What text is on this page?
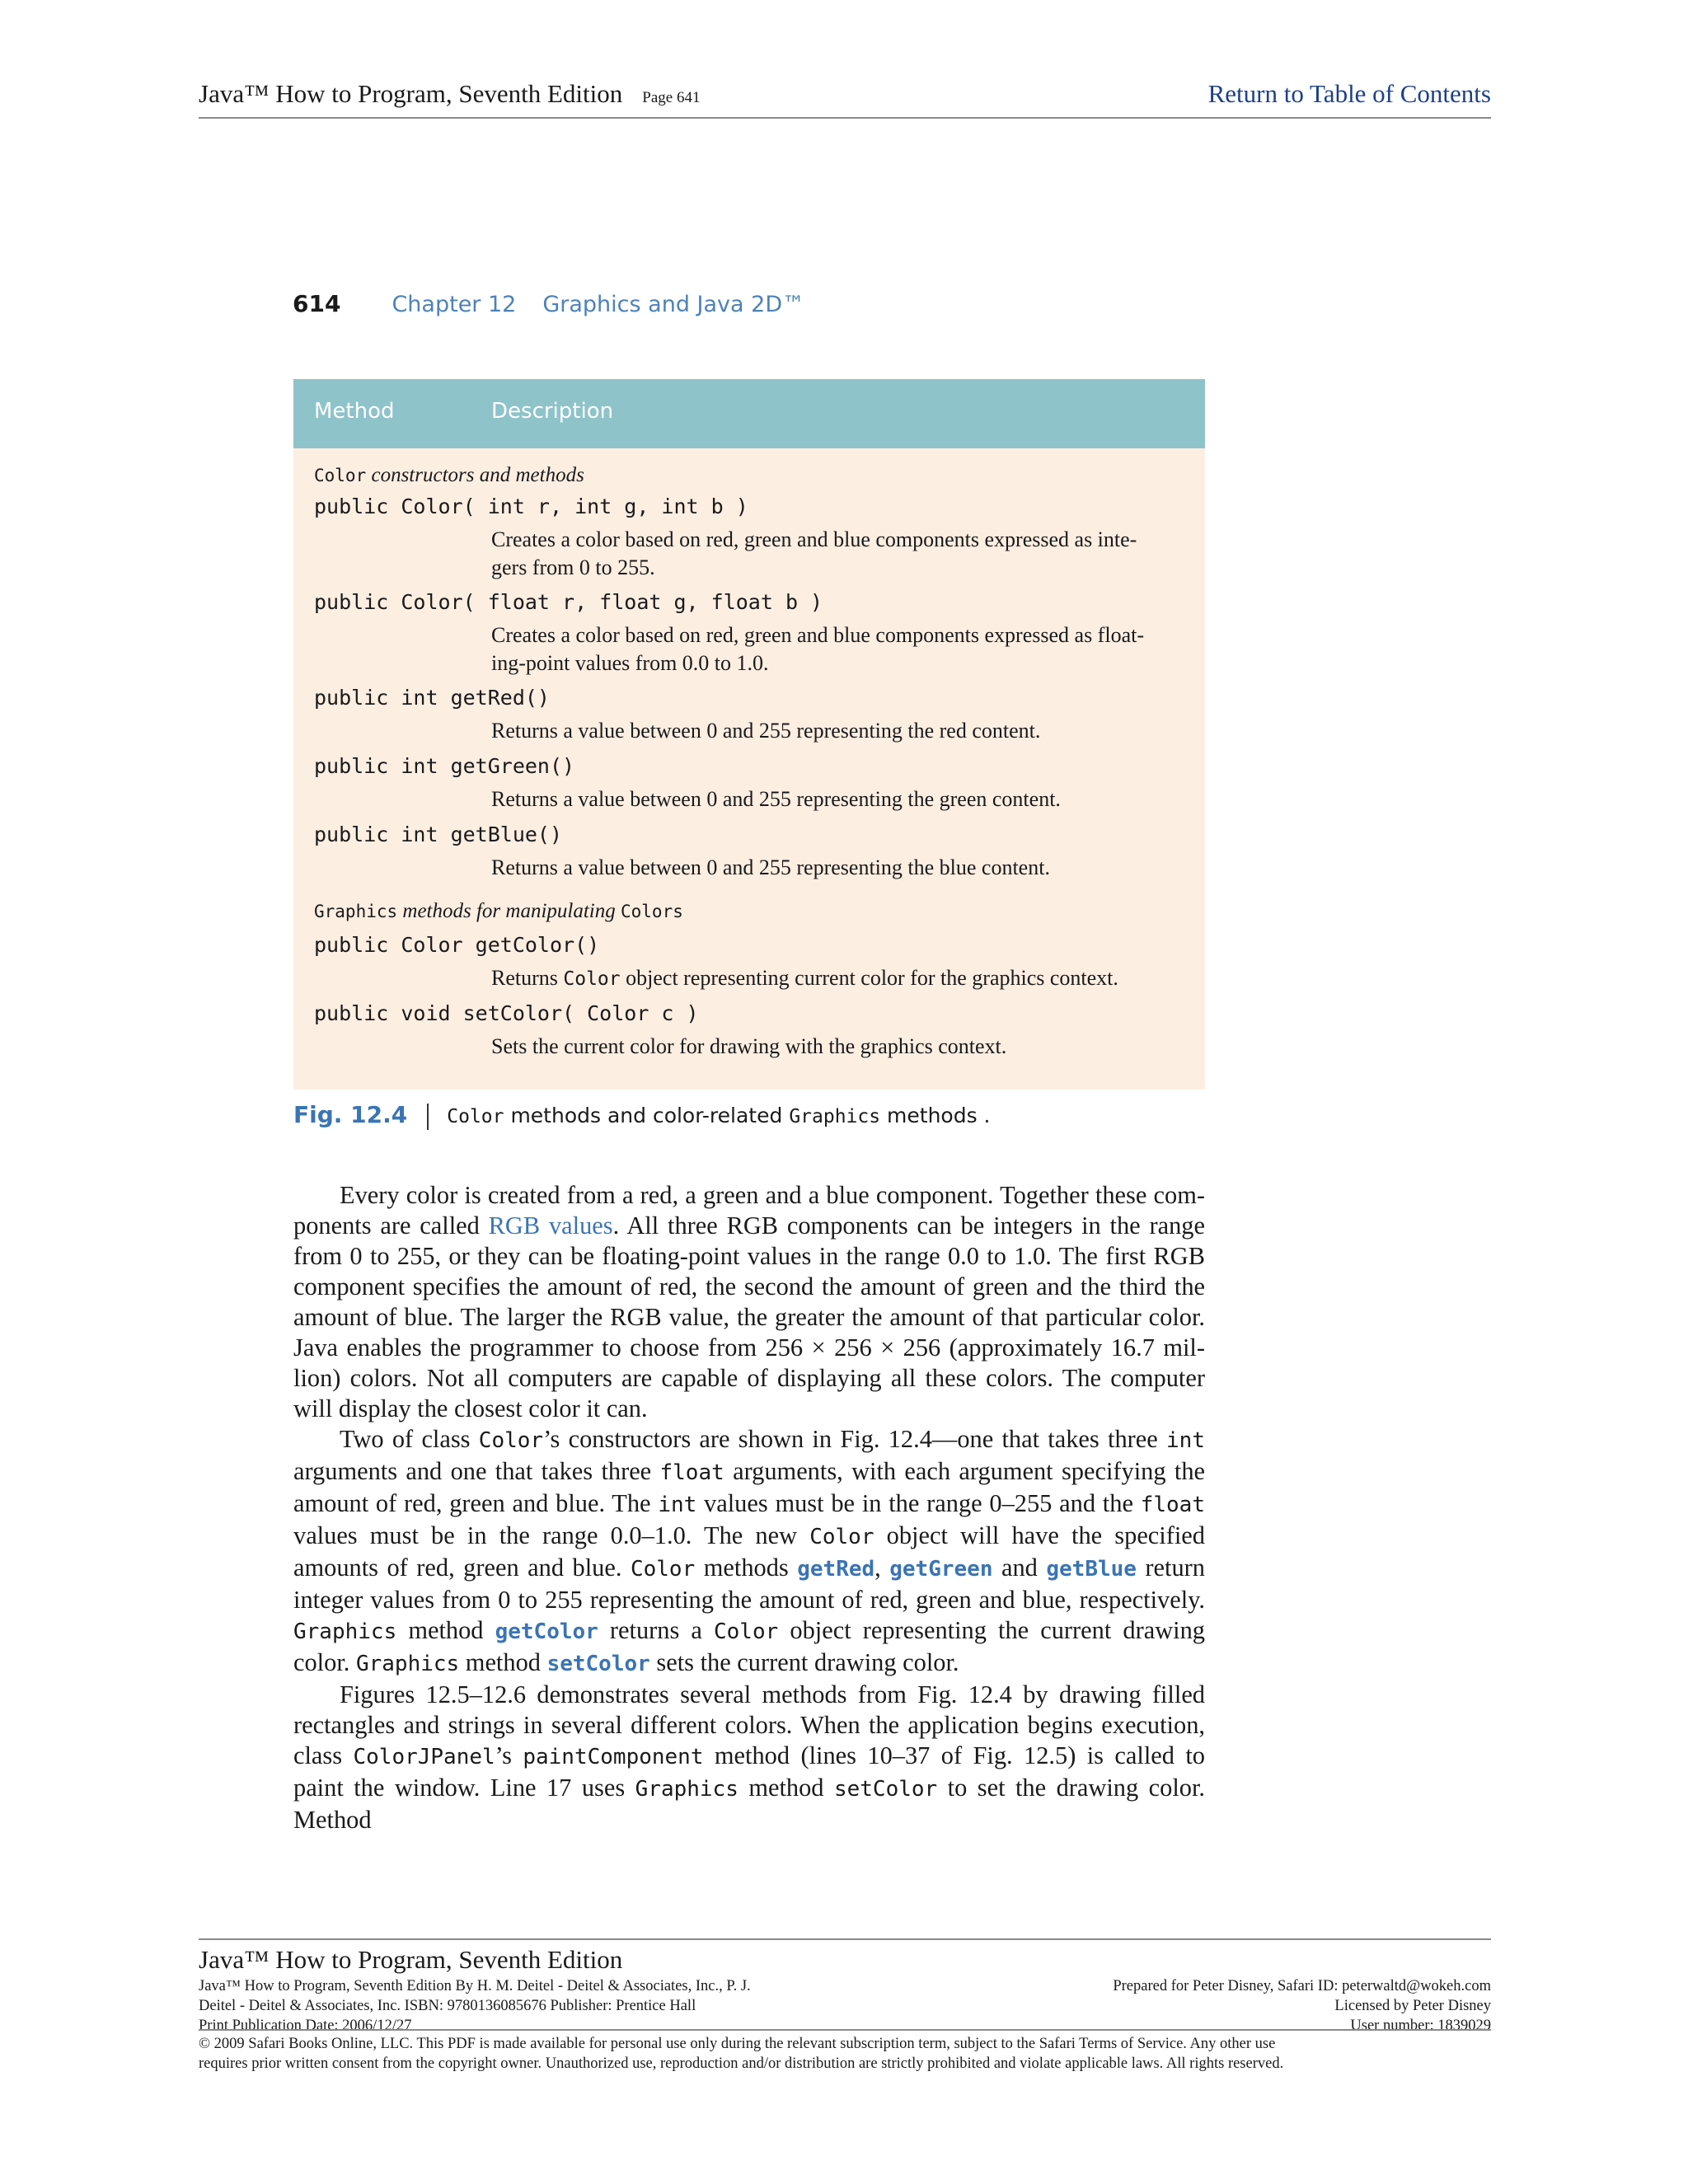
Java™ How to Program, Seventh Edition Page 641	Return to Table of Contents
614 Chapter 12 Graphics and Java 2D™
Method	Description
Color constructors and methods
public Color( int r, int g, int b )
Creates a color based on red, green and blue components expressed as inte-
gers from 0 to 255.
public Color( float r, float g, float b )
Creates a color based on red, green and blue components expressed as float-
ing-point values from 0.0 to 1.0.
public int getRed()
Returns a value between 0 and 255 representing the red content.
public int getGreen()
Returns a value between 0 and 255 representing the green content.
public int getBlue()
Returns a value between 0 and 255 representing the blue content.
Graphics methods for manipulating Colors
public Color getColor()
Returns Color object representing current color for the graphics context.
public void setColor( Color c )
Sets the current color for drawing with the graphics context.
Fig. 12.4 Color methods and color-related Graphics methods .

Every color is created from a red, a green and a blue component. Together these com-ponents are called RGB values. All three RGB components can be integers in the range from 0 to 255, or they can be floating-point values in the range 0.0 to 1.0. The first RGB component specifies the amount of red, the second the amount of green and the third the amount of blue. The larger the RGB value, the greater the amount of that particular color. Java enables the programmer to choose from 256 × 256 × 256 (approximately 16.7 mil-lion) colors. Not all computers are capable of displaying all these colors. The computer will display the closest color it can.

Two of class Color’s constructors are shown in Fig. 12.4—one that takes three int arguments and one that takes three float arguments, with each argument specifying the amount of red, green and blue. The int values must be in the range 0–255 and the float values must be in the range 0.0–1.0. The new Color object will have the specified amounts of red, green and blue. Color methods getRed, getGreen and getBlue return integer values from 0 to 255 representing the amount of red, green and blue, respectively. Graphics method getColor returns a Color object representing the current drawing color. Graphics method setColor sets the current drawing color.

Figures 12.5–12.6 demonstrates several methods from Fig. 12.4 by drawing filled rectangles and strings in several different colors. When the application begins execution, class ColorJPanel’s paintComponent method (lines 10–37 of Fig. 12.5) is called to paint the window. Line 17 uses Graphics method setColor to set the drawing color. Method

Java™ How to Program, Seventh Edition
Java™ How to Program, Seventh Edition By H. M. Deitel - Deitel & Associates, Inc., P. J.
Deitel - Deitel & Associates, Inc. ISBN: 9780136085676 Publisher: Prentice Hall
Print Publication Date: 2006/12/27
Prepared for Peter Disney, Safari ID: peterwaltd@wokeh.com
Licensed by Peter Disney
User number: 1839029
© 2009 Safari Books Online, LLC. This PDF is made available for personal use only during the relevant subscription term, subject to the Safari Terms of Service. Any other use
requires prior written consent from the copyright owner. Unauthorized use, reproduction and/or distribution are strictly prohibited and violate applicable laws. All rights reserved.
